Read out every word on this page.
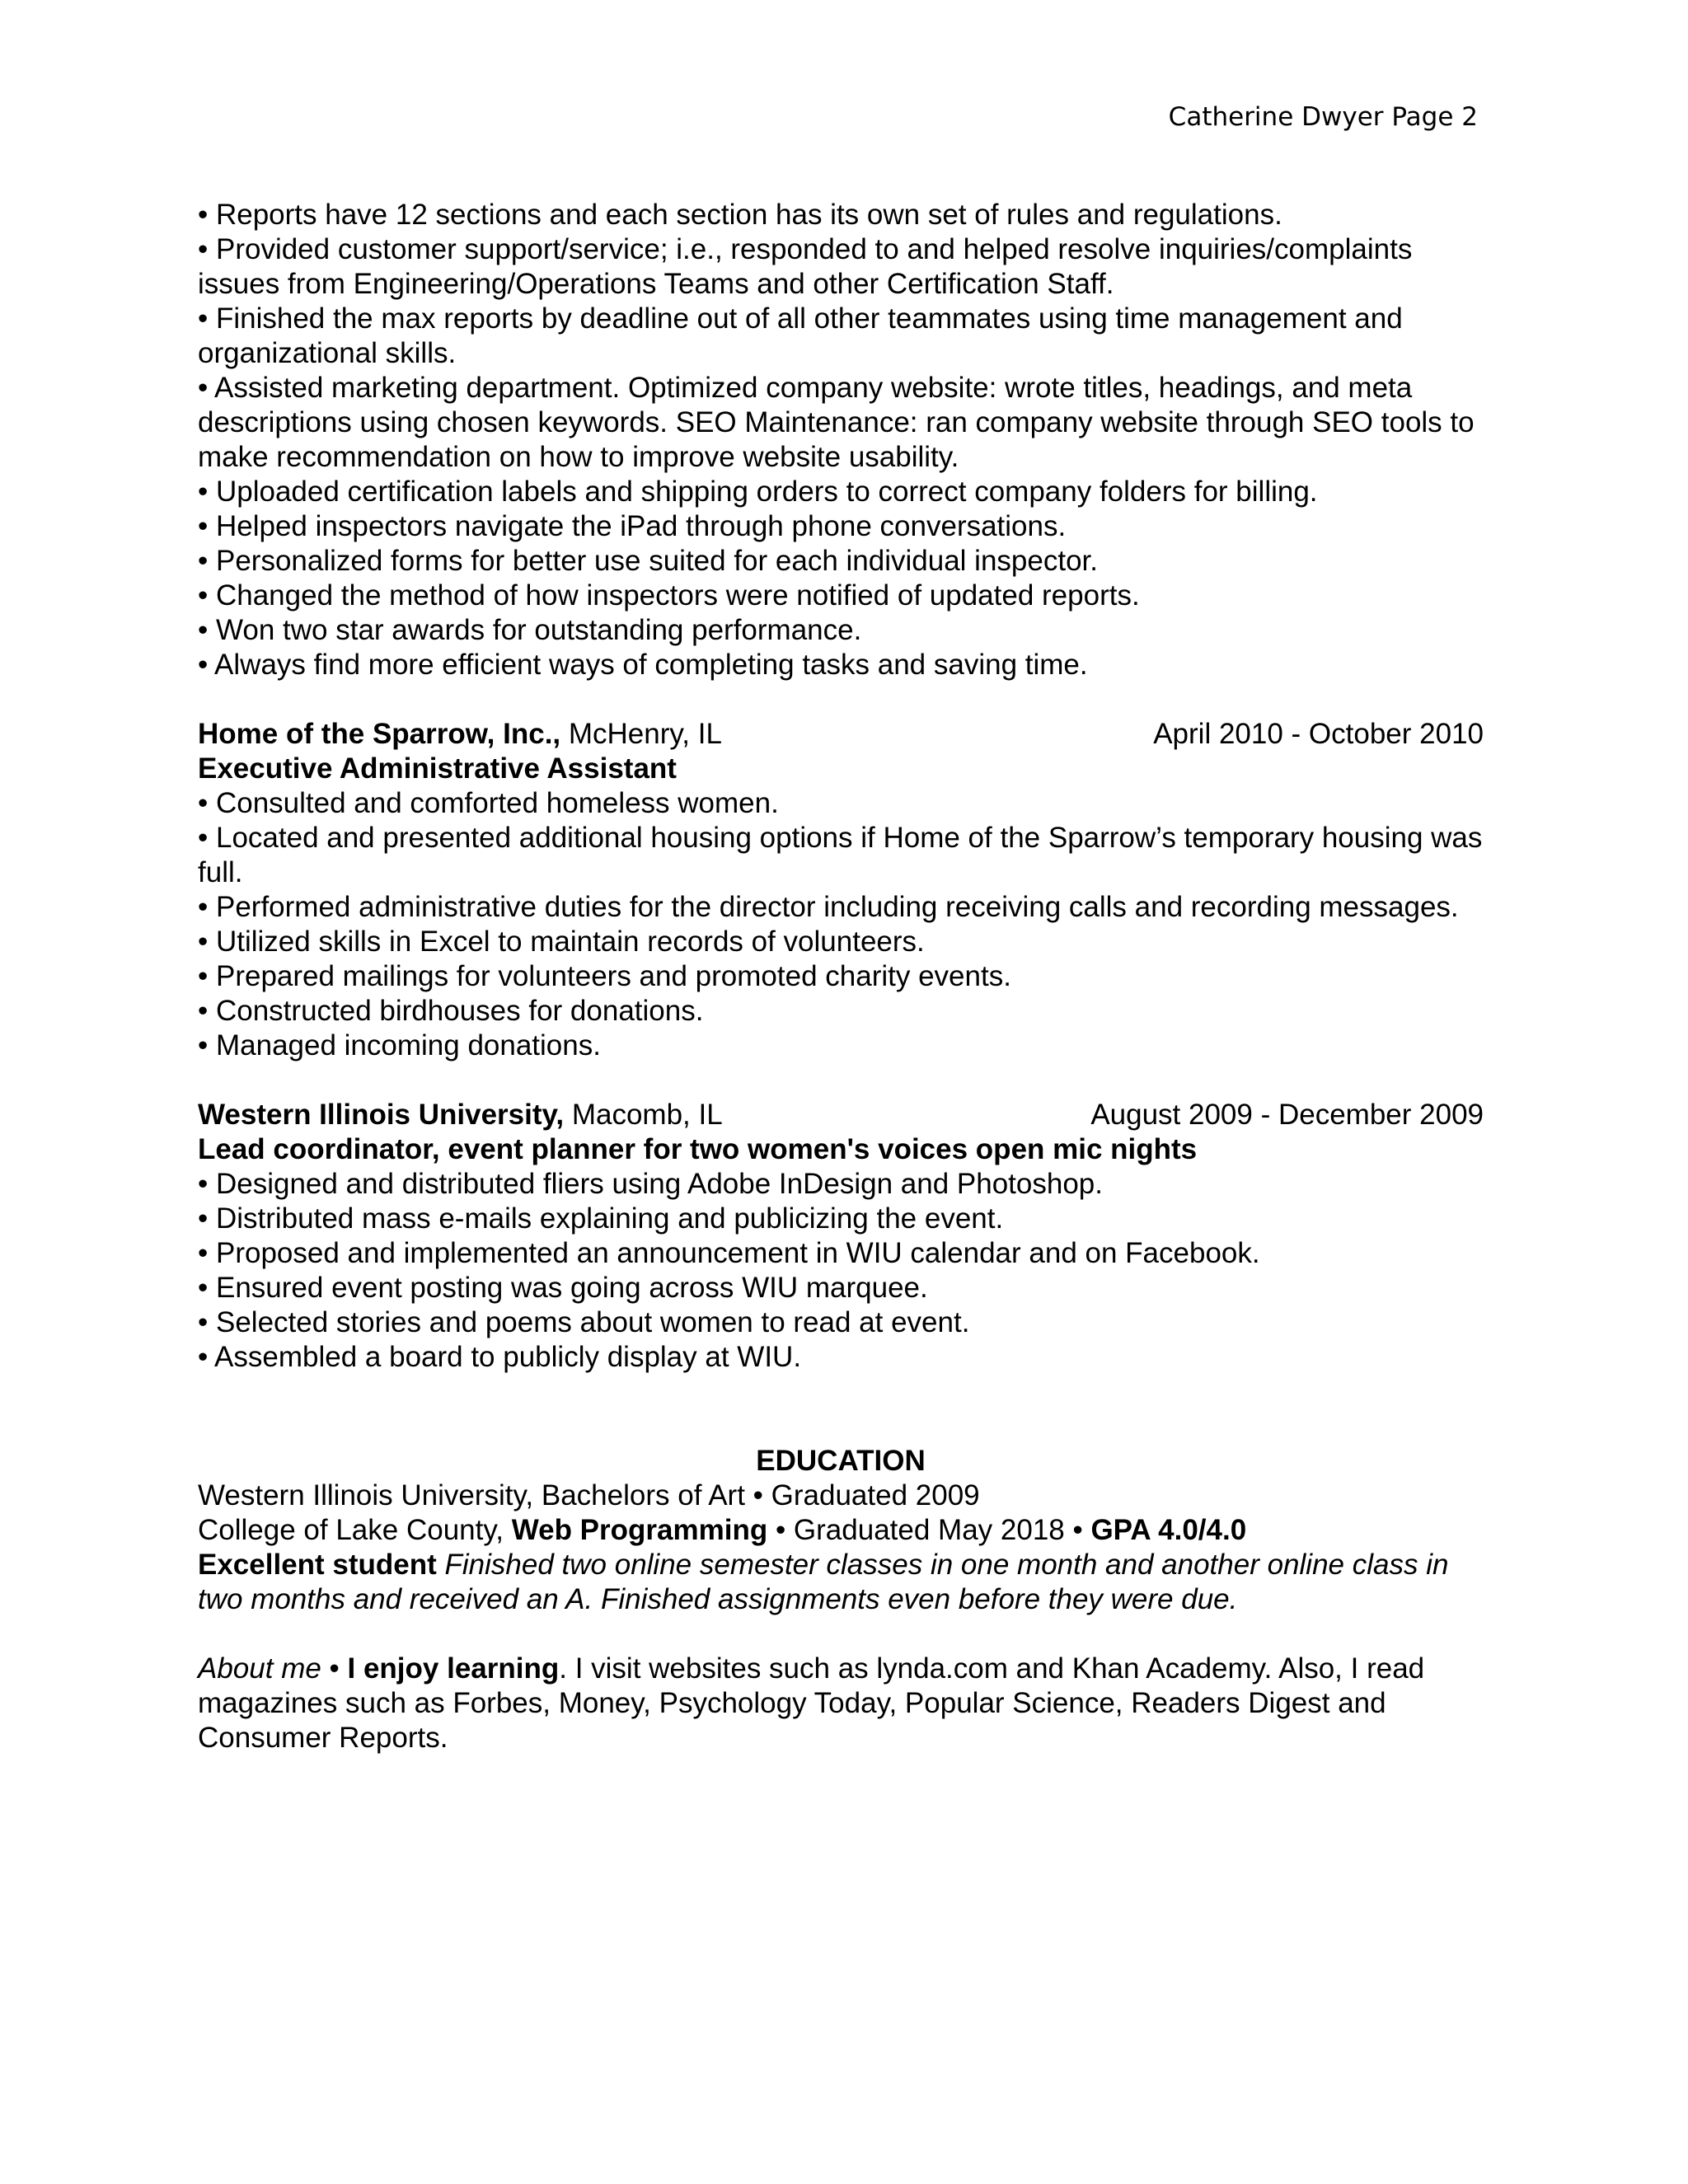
Catherine Dwyer Page 2

• Reports have 12 sections and each section has its own set of rules and regulations.

• Provided customer support/service; i.e., responded to and helped resolve inquiries/complaints issues from Engineering/Operations Teams and other Certification Staff.

• Finished the max reports by deadline out of all other teammates using time management and organizational skills.

• Assisted marketing department. Optimized company website: wrote titles, headings, and meta descriptions using chosen keywords. SEO Maintenance: ran company website through SEO tools to make recommendation on how to improve website usability.

• Uploaded certification labels and shipping orders to correct company folders for billing.

• Helped inspectors navigate the iPad through phone conversations.

• Personalized forms for better use suited for each individual inspector.

• Changed the method of how inspectors were notified of updated reports.

• Won two star awards for outstanding performance.

• Always find more efficient ways of completing tasks and saving time.

Home of the Sparrow, Inc., McHenry, IL	April 2010 - October 2010

Executive Administrative Assistant

• Consulted and comforted homeless women.

• Located and presented additional housing options if Home of the Sparrow’s temporary housing was full.

• Performed administrative duties for the director including receiving calls and recording messages.

• Utilized skills in Excel to maintain records of volunteers.

• Prepared mailings for volunteers and promoted charity events.

• Constructed birdhouses for donations.

• Managed incoming donations.

Western Illinois University, Macomb, IL	August 2009 - December 2009

Lead coordinator, event planner for two women's voices open mic nights

• Designed and distributed fliers using Adobe InDesign and Photoshop.

• Distributed mass e-mails explaining and publicizing the event.

• Proposed and implemented an announcement in WIU calendar and on Facebook.

• Ensured event posting was going across WIU marquee.

• Selected stories and poems about women to read at event.

• Assembled a board to publicly display at WIU.

EDUCATION

Western Illinois University, Bachelors of Art • Graduated 2009

College of Lake County, Web Programming • Graduated May 2018 • GPA 4.0/4.0

Excellent student Finished two online semester classes in one month and another online class in two months and received an A. Finished assignments even before they were due.

About me • I enjoy learning. I visit websites such as lynda.com and Khan Academy. Also, I read magazines such as Forbes, Money, Psychology Today, Popular Science, Readers Digest and Consumer Reports.
